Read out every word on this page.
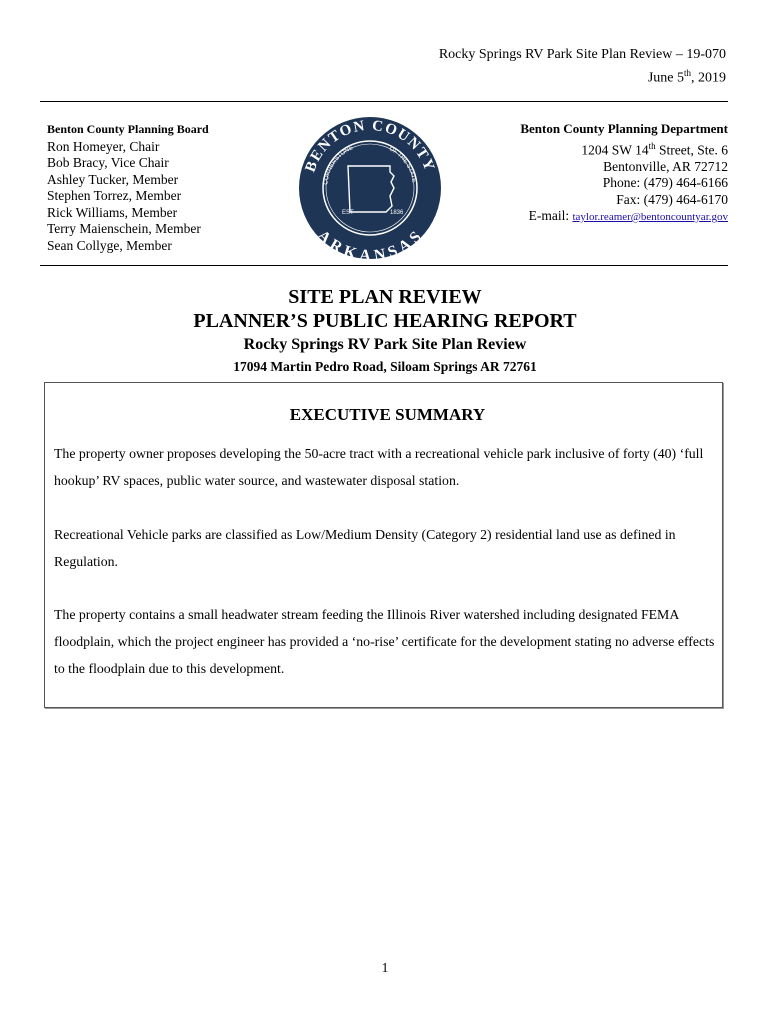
Rocky Springs RV Park Site Plan Review – 19-070
June 5th, 2019
Benton County Planning Board
Ron Homeyer, Chair
Bob Bracy, Vice Chair
Ashley Tucker, Member
Stephen Torrez, Member
Rick Williams, Member
Terry Maienschein, Member
Sean Collyge, Member
BENTON COUNTY
ARKANSAS
CORNERSTONE	OF THE STATE
EST	1836
Benton County Planning Department
1204 SW 14th Street, Ste. 6
Bentonville, AR 72712
Phone: (479) 464-6166
Fax: (479) 464-6170
E-mail: taylor.reamer@bentoncountyar.gov
SITE PLAN REVIEW
PLANNER’S PUBLIC HEARING REPORT
Rocky Springs RV Park Site Plan Review
17094 Martin Pedro Road, Siloam Springs AR 72761
EXECUTIVE SUMMARY
The property owner proposes developing the 50-acre tract with a recreational vehicle park inclusive of forty (40) ‘full hookup’ RV spaces, public water source, and wastewater disposal station.
Recreational Vehicle parks are classified as Low/Medium Density (Category 2) residential land use as defined in Regulation.
The property contains a small headwater stream feeding the Illinois River watershed including designated FEMA floodplain, which the project engineer has provided a ‘no-rise’ certificate for the development stating no adverse effects to the floodplain due to this development.
1
